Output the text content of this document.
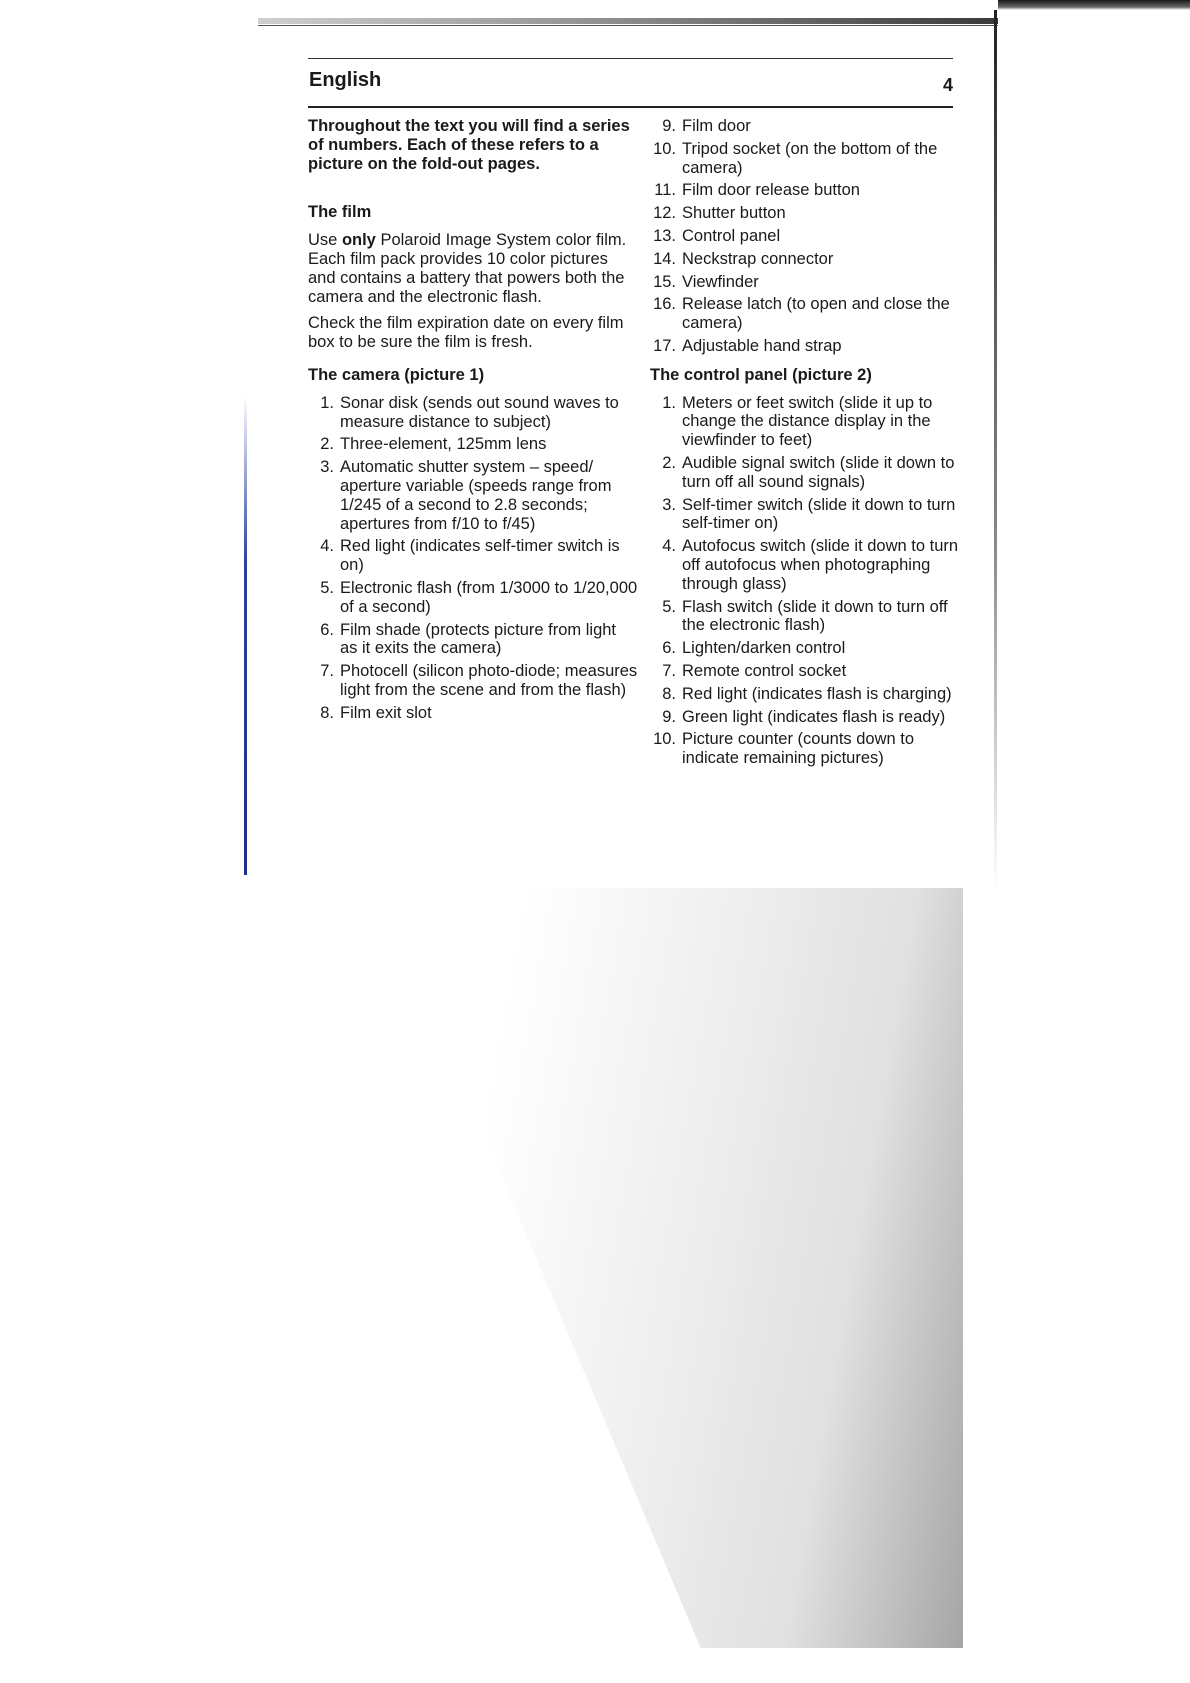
English	4

Throughout the text you will find a series of numbers. Each of these refers to a picture on the fold-out pages.

The film

Use only Polaroid Image System color film. Each film pack provides 10 color pictures and contains a battery that powers both the camera and the electronic flash.

Check the film expiration date on every film box to be sure the film is fresh.

The camera (picture 1)

1. Sonar disk (sends out sound waves to measure distance to subject)
2. Three-element, 125mm lens
3. Automatic shutter system – speed/ aperture variable (speeds range from 1/245 of a second to 2.8 seconds; apertures from f/10 to f/45)
4. Red light (indicates self-timer switch is on)
5. Electronic flash (from 1/3000 to 1/20,000 of a second)
6. Film shade (protects picture from light as it exits the camera)
7. Photocell (silicon photo-diode; measures light from the scene and from the flash)
8. Film exit slot
9. Film door
10. Tripod socket (on the bottom of the camera)
11. Film door release button
12. Shutter button
13. Control panel
14. Neckstrap connector
15. Viewfinder
16. Release latch (to open and close the camera)
17. Adjustable hand strap

The control panel (picture 2)

1. Meters or feet switch (slide it up to change the distance display in the viewfinder to feet)
2. Audible signal switch (slide it down to turn off all sound signals)
3. Self-timer switch (slide it down to turn self-timer on)
4. Autofocus switch (slide it down to turn off autofocus when photographing through glass)
5. Flash switch (slide it down to turn off the electronic flash)
6. Lighten/darken control
7. Remote control socket
8. Red light (indicates flash is charging)
9. Green light (indicates flash is ready)
10. Picture counter (counts down to indicate remaining pictures)
